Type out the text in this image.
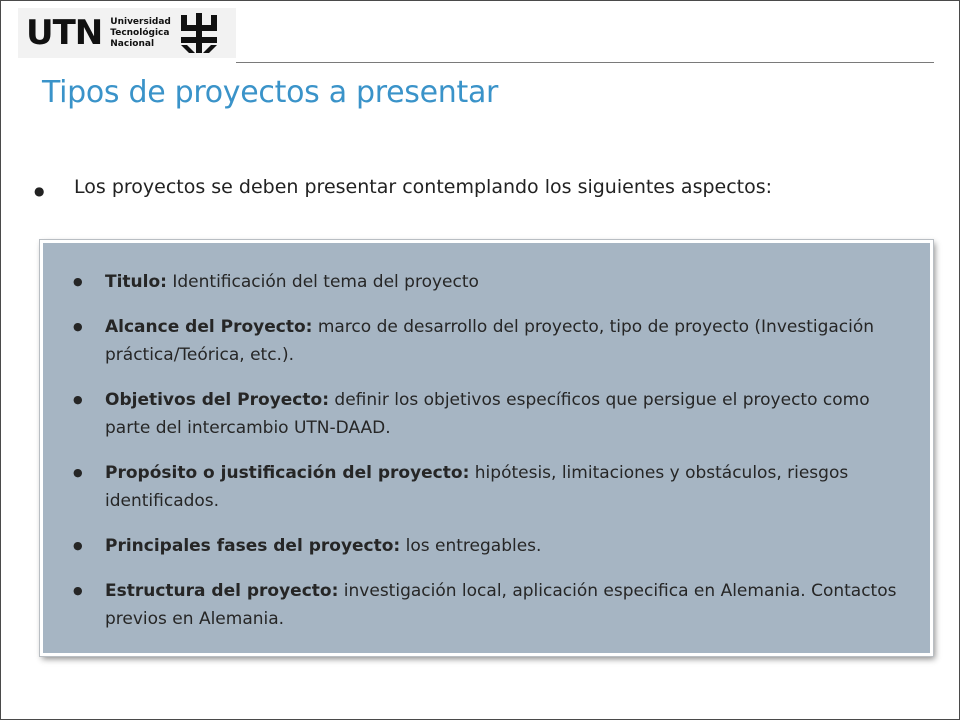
UTN Universidad
Tecnológica
Nacional
Tipos de proyectos a presentar
●	Los proyectos se deben presentar contemplando los siguientes aspectos:
●	Titulo: Identificación del tema del proyecto
●	Alcance del Proyecto: marco de desarrollo del proyecto, tipo de proyecto (Investigación práctica/Teórica, etc.).
●	Objetivos del Proyecto: definir los objetivos específicos que persigue el proyecto como parte del intercambio UTN-DAAD.
●	Propósito o justificación del proyecto: hipótesis, limitaciones y obstáculos, riesgos identificados.
●	Principales fases del proyecto: los entregables.
●	Estructura del proyecto: investigación local, aplicación especifica en Alemania. Contactos previos en Alemania.
